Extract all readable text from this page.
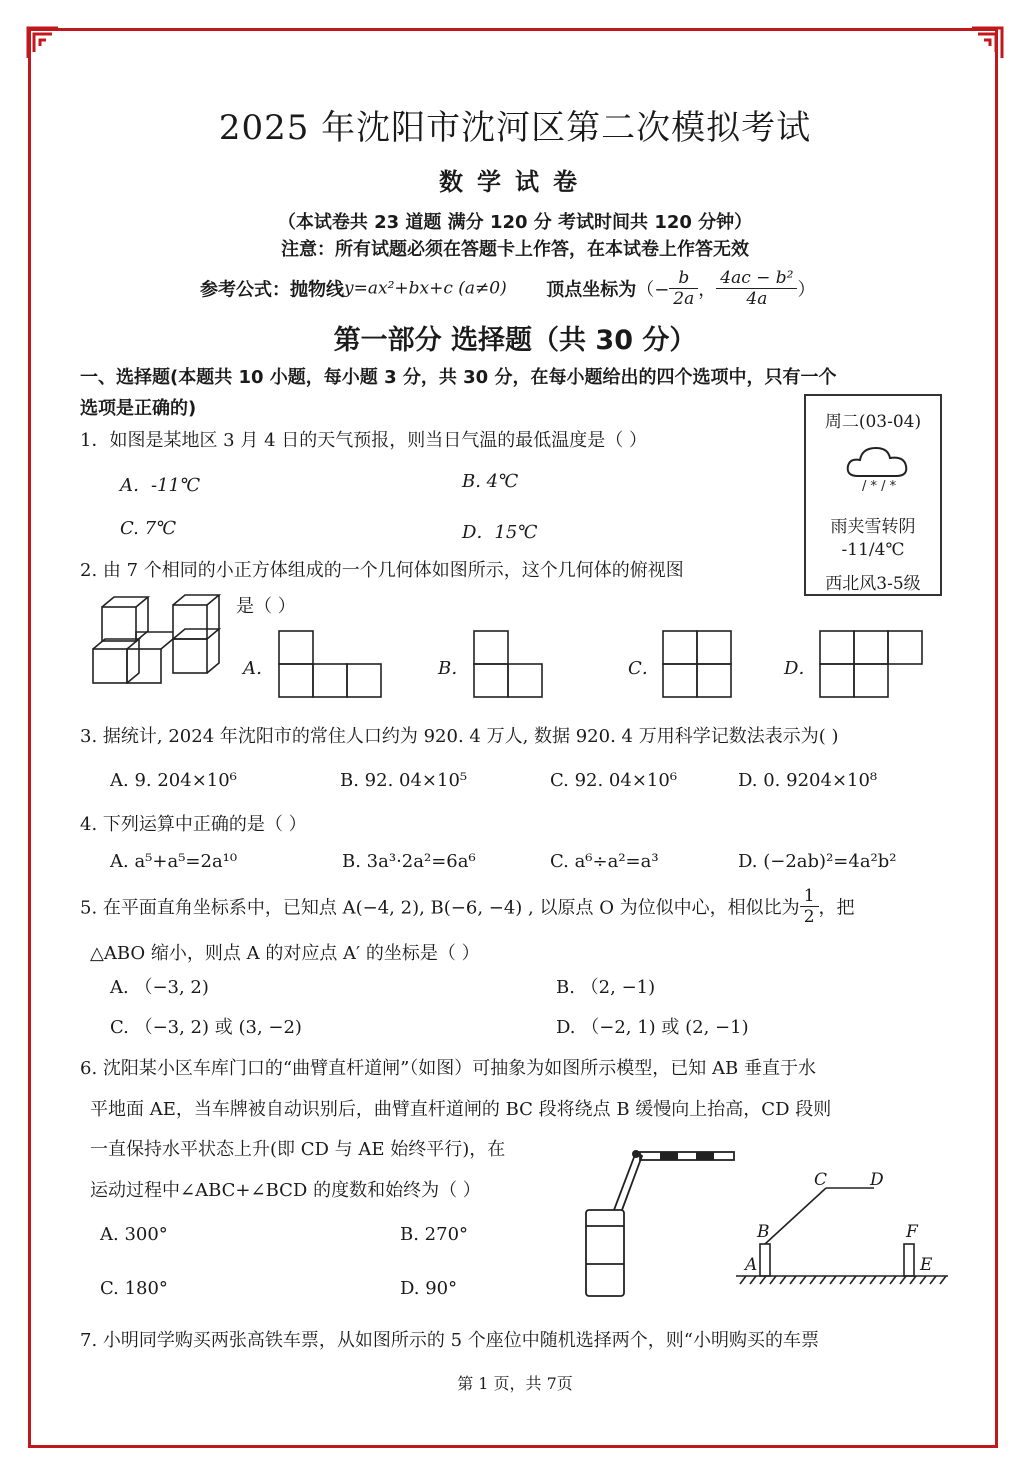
2025 年沈阳市沈河区第二次模拟考试
数学试卷
（本试卷共 23 道题 满分 120 分 考试时间共 120 分钟）
注意：所有试题必须在答题卡上作答，在本试卷上作答无效
参考公式：抛物线y=ax²+bx+c (a≠0) 顶点坐标为（− $\frac{b}{2a}$ ， $\frac{\text{4ac − b²}}{4a}$ ）
第一部分 选择题（共 30 分）
一、选择题(本题共 10 小题，每小题 3 分，共 30 分，在每小题给出的四个选项中，只有一个
选项是正确的)
周二(03-04)
/ * / *
雨夹雪转阴
-11/4℃
西北风3-5级
1．如图是某地区 3 月 4 日的天气预报，则当日气温的最低温度是（ ）
A．-11℃	B. 4℃
C. 7℃	D．15℃
2. 由 7 个相同的小正方体组成的一个几何体如图所示，这个几何体的俯视图
是（ ）
A．	B．	C．	D．
3. 据统计, 2024 年沈阳市的常住人口约为 920. 4 万人, 数据 920. 4 万用科学记数法表示为( )
A. 9. 204×10⁶	B. 92. 04×10⁵	C. 92. 04×10⁶	D. 0. 9204×10⁸
4. 下列运算中正确的是（ ）
A. a⁵+a⁵=2a¹⁰	B. 3a³·2a²=6a⁶	C. a⁶÷a²=a³	D. (−2ab)²=4a²b²
5. 在平面直角坐标系中，已知点 A(−4, 2), B(−6, −4) , 以原点 O 为位似中心，相似比为 $\frac{1}{2}$ ，把
△ABO 缩小，则点 A 的对应点 A′ 的坐标是（ ）
A. （−3, 2)	B. （2, −1)
C. （−3, 2) 或 (3, −2)	D. （−2, 1) 或 (2, −1)
6. 沈阳某小区车库门口的“曲臂直杆道闸”（如图）可抽象为如图所示模型，已知 AB 垂直于水
平地面 AE，当车牌被自动识别后，曲臂直杆道闸的 BC 段将绕点 B 缓慢向上抬高，CD 段则
一直保持水平状态上升(即 CD 与 AE 始终平行)，在
运动过程中∠ABC+∠BCD 的度数和始终为（ ）
A. 300°	B. 270°
C. 180°	D. 90°
C	D
B	F
A	E
7. 小明同学购买两张高铁车票，从如图所示的 5 个座位中随机选择两个，则“小明购买的车票
第 1 页，共 7页
